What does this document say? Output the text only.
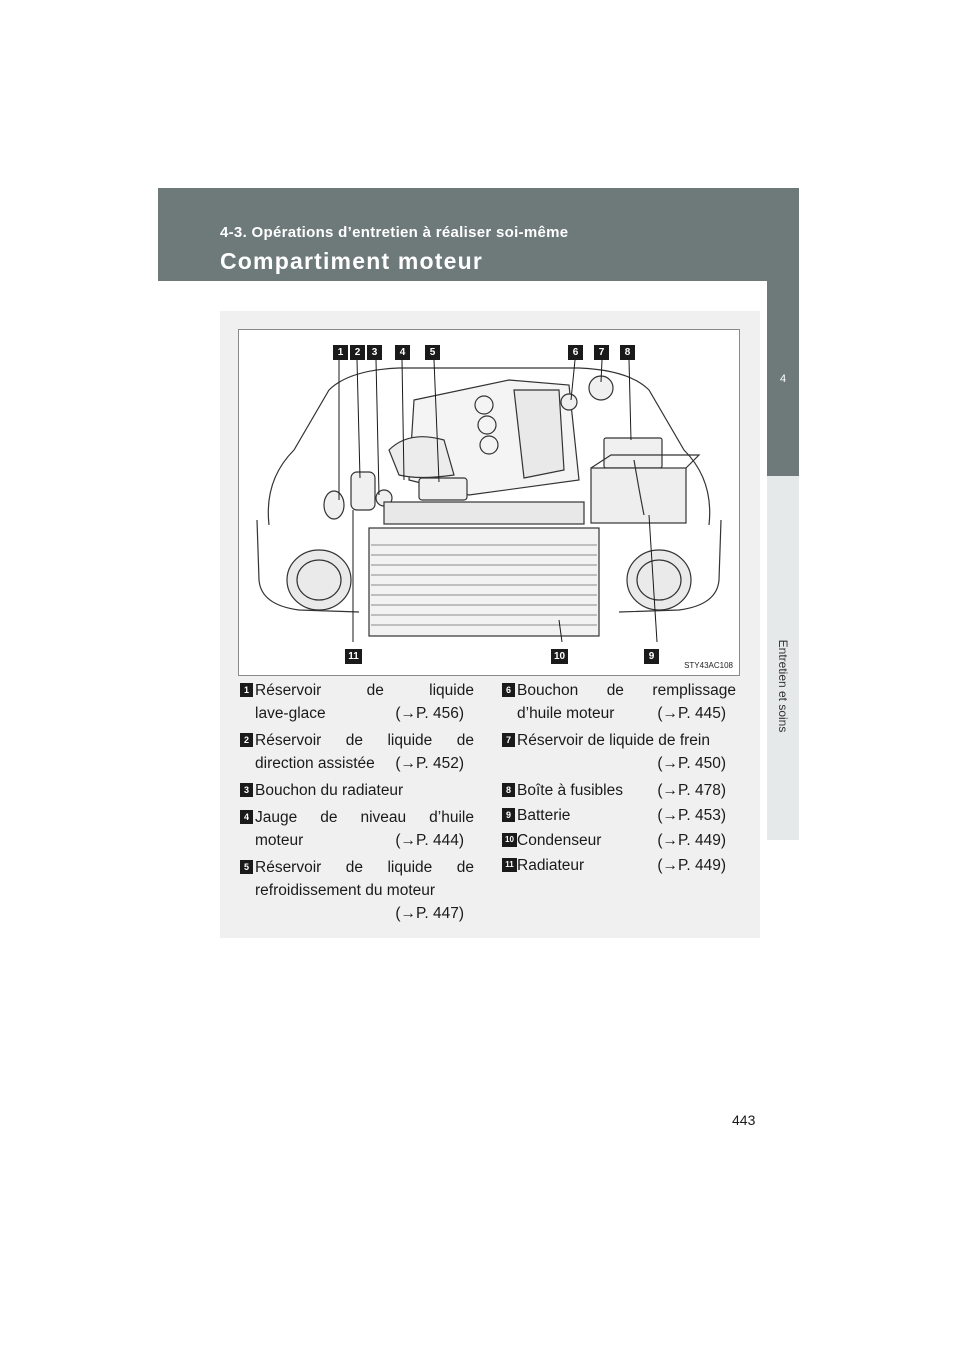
4-3. Opérations d’entretien à réaliser soi-même
Compartiment moteur
4
Entretien et soins
1	2	3	4	5	6	7	8
9
10
11
STY43AC108
1 Réservoir de liquide
lave-glace	(→P. 456)
2 Réservoir de liquide de
direction assistée (→P. 452)
3 Bouchon du radiateur
4 Jauge de niveau d’huile
moteur	(→P. 444)
5 Réservoir de liquide de
refroidissement du moteur
(→P. 447)
6 Bouchon de remplissage
d’huile moteur	(→P. 445)
7 Réservoir de liquide de frein
(→P. 450)
8 Boîte à fusibles (→P. 478)
9 Batterie	(→P. 453)
10 Condenseur	(→P. 449)
11 Radiateur	(→P. 449)
443
